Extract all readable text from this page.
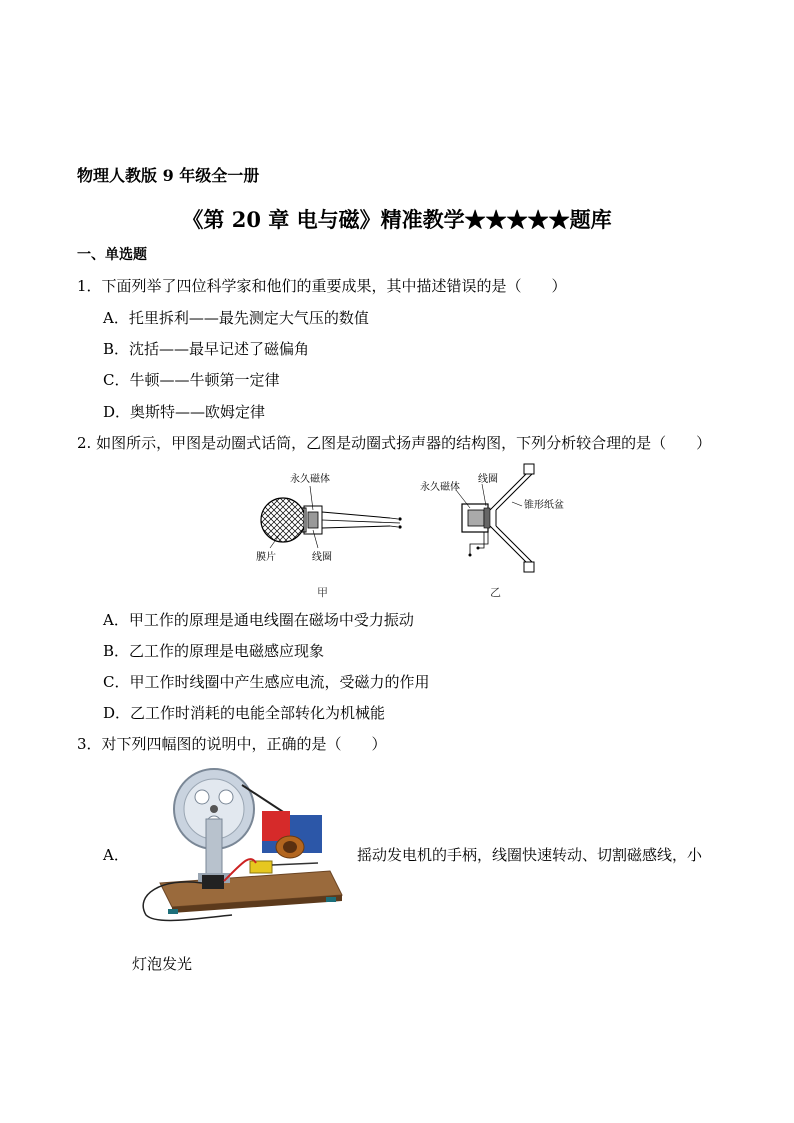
物理人教版 9 年级全一册
《第 20 章 电与磁》精准教学★★★★★题库
一、单选题
1．下面列举了四位科学家和他们的重要成果，其中描述错误的是（　　）
A．托里拆利——最先测定大气压的数值
B．沈括——最早记述了磁偏角
C．牛顿——牛顿第一定律
D．奥斯特——欧姆定律
2. 如图所示，甲图是动圈式话筒，乙图是动圈式扬声器的结构图，下列分析较合理的是（　　）
永久磁体
膜片	线圈
甲
永久磁体
线圈
锥形纸盆
乙
A．甲工作的原理是通电线圈在磁场中受力振动
B．乙工作的原理是电磁感应现象
C．甲工作时线圈中产生感应电流，受磁力的作用
D．乙工作时消耗的电能全部转化为机械能
3．对下列四幅图的说明中，正确的是（　　）
A．	摇动发电机的手柄，线圈快速转动、切割磁感线，小
灯泡发光
